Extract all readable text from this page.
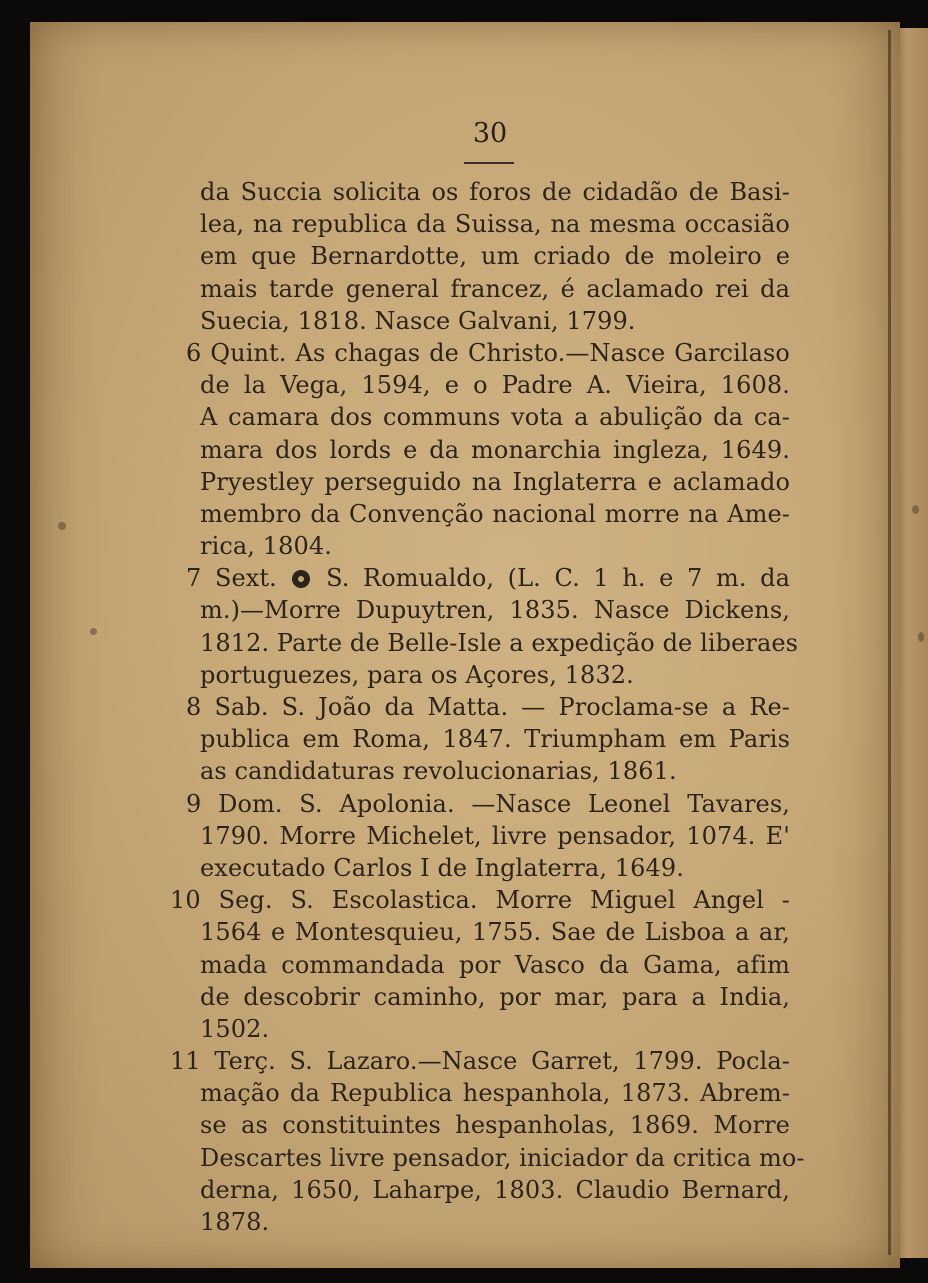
30
da Succia solicita os foros de cidadão de Basi-
lea, na republica da Suissa, na mesma occasião
em que Bernardotte, um criado de moleiro e
mais tarde general francez, é aclamado rei da
Suecia, 1818. Nasce Galvani, 1799.
6 Quint. As chagas de Christo.—Nasce Garcilaso
de la Vega, 1594, e o Padre A. Vieira, 1608.
A camara dos communs vota a abulição da ca-
mara dos lords e da monarchia ingleza, 1649.
Pryestley perseguido na Inglaterra e aclamado
membro da Convenção nacional morre na Ame-
rica, 1804.
7 Sext. S. Romualdo, (L. C. 1 h. e 7 m. da
m.)—Morre Dupuytren, 1835. Nasce Dickens,
1812. Parte de Belle-Isle a expedição de liberaes
portuguezes, para os Açores, 1832.
8 Sab. S. João da Matta. — Proclama-se a Re-
publica em Roma, 1847. Triumpham em Paris
as candidaturas revolucionarias, 1861.
9 Dom. S. Apolonia. —Nasce Leonel Tavares,
1790. Morre Michelet, livre pensador, 1074. E'
executado Carlos I de Inglaterra, 1649.
10 Seg. S. Escolastica. Morre Miguel Angel -
1564 e Montesquieu, 1755. Sae de Lisboa a ar,
mada commandada por Vasco da Gama, afim
de descobrir caminho, por mar, para a India,
1502.
11 Terç. S. Lazaro.—Nasce Garret, 1799. Pocla-
mação da Republica hespanhola, 1873. Abrem-
se as constituintes hespanholas, 1869. Morre
Descartes livre pensador, iniciador da critica mo-
derna, 1650, Laharpe, 1803. Claudio Bernard,
1878.
